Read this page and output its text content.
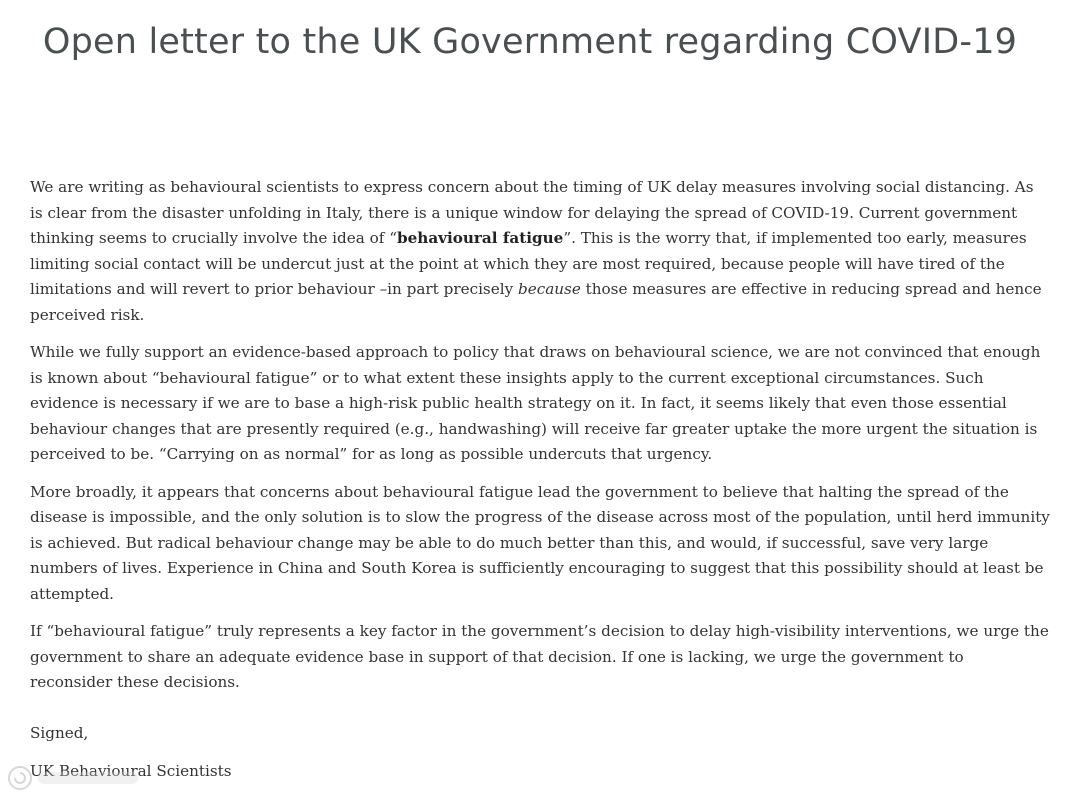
Open letter to the UK Government regarding COVID-19

We are writing as behavioural scientists to express concern about the timing of UK delay measures involving social distancing. As is clear from the disaster unfolding in Italy, there is a unique window for delaying the spread of COVID-19. Current government thinking seems to crucially involve the idea of “behavioural fatigue”. This is the worry that, if implemented too early, measures limiting social contact will be undercut just at the point at which they are most required, because people will have tired of the limitations and will revert to prior behaviour –in part precisely because those measures are effective in reducing spread and hence perceived risk.

While we fully support an evidence-based approach to policy that draws on behavioural science, we are not convinced that enough is known about “behavioural fatigue” or to what extent these insights apply to the current exceptional circumstances. Such evidence is necessary if we are to base a high-risk public health strategy on it. In fact, it seems likely that even those essential behaviour changes that are presently required (e.g., handwashing) will receive far greater uptake the more urgent the situation is perceived to be. “Carrying on as normal” for as long as possible undercuts that urgency.

More broadly, it appears that concerns about behavioural fatigue lead the government to believe that halting the spread of the disease is impossible, and the only solution is to slow the progress of the disease across most of the population, until herd immunity is achieved. But radical behaviour change may be able to do much better than this, and would, if successful, save very large numbers of lives. Experience in China and South Korea is sufficiently encouraging to suggest that this possibility should at least be attempted.

If “behavioural fatigue” truly represents a key factor in the government’s decision to delay high-visibility interventions, we urge the government to share an adequate evidence base in support of that decision. If one is lacking, we urge the government to reconsider these decisions.

Signed,
UK Behavioural Scientists
